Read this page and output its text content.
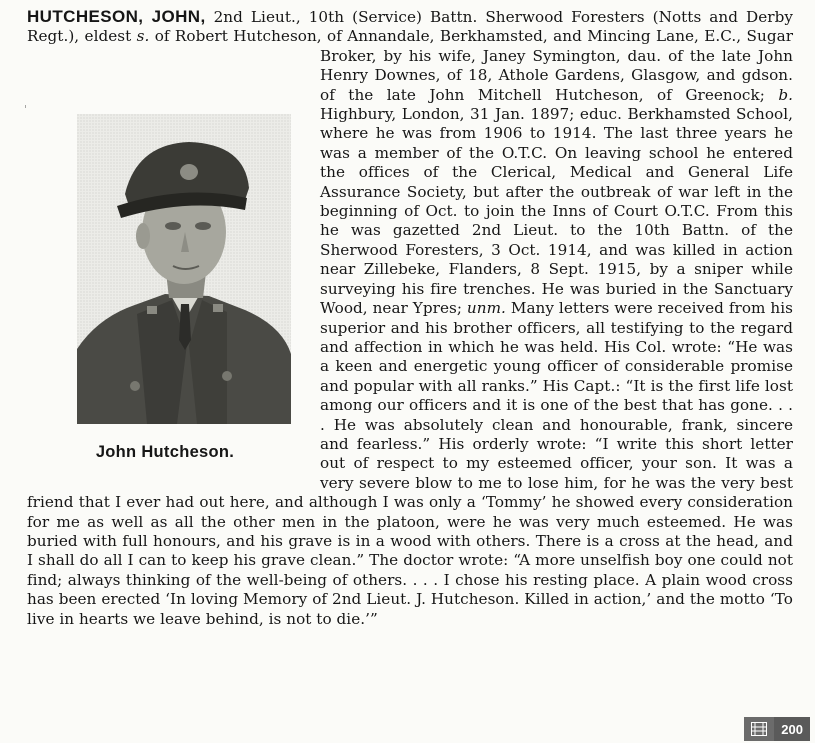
HUTCHESON, JOHN, 2nd Lieut., 10th (Service) Battn. Sherwood Foresters (Notts and Derby Regt.), eldest s. of Robert Hutcheson, of Annandale, Berkhamsted, and Mincing Lane, E.C., Sugar Broker, by his wife, Janey Symington, dau. of the late John Henry Downes, of 18, Athole Gardens, Glasgow, and gdson. of the late John Mitchell Hutcheson, of Greenock; b. Highbury, London, 31 Jan. 1897; educ. Berkhamsted School, where he was from 1906 to 1914. The last three years he was a member of the O.T.C. On leaving school he entered the offices of the Clerical, Medical and General Life Assurance Society, but after the outbreak of war left in the beginning of Oct. to join the Inns of Court O.T.C. From this he was gazetted 2nd Lieut. to the 10th Battn. of the Sherwood Foresters, 3 Oct. 1914, and was killed in action near Zillebeke, Flanders, 8 Sept. 1915, by a sniper while surveying his fire trenches. He was buried in the Sanctuary Wood, near Ypres; unm. Many letters were received from his superior and his brother officers, all testifying to the regard and affection in which he was held. His Col. wrote: “He was a keen and energetic young officer of considerable promise and popular with all ranks.” His Capt.: “It is the first life lost among our officers and it is one of the best that has gone. . . . He was absolutely clean and honourable, frank, sincere and fearless.” His orderly wrote: “I write this short letter out of respect to my esteemed officer, your son. It was a very severe blow to me to lose him, for he was the very best friend that I ever had out here, and although I was only a ‘Tommy’ he showed every consideration for me as well as all the other men in the platoon, were he was very much esteemed. He was buried with full honours, and his grave is in a wood with others. There is a cross at the head, and I shall do all I can to keep his grave clean.” The doctor wrote: “A more unselfish boy one could not find; always thinking of the well-being of others. . . . I chose his resting place. A plain wood cross has been erected ‘In loving Memory of 2nd Lieut. J. Hutcheson. Killed in action,’ and the motto ‘To live in hearts we leave behind, is not to die.’”
'
John Hutcheson.
200
